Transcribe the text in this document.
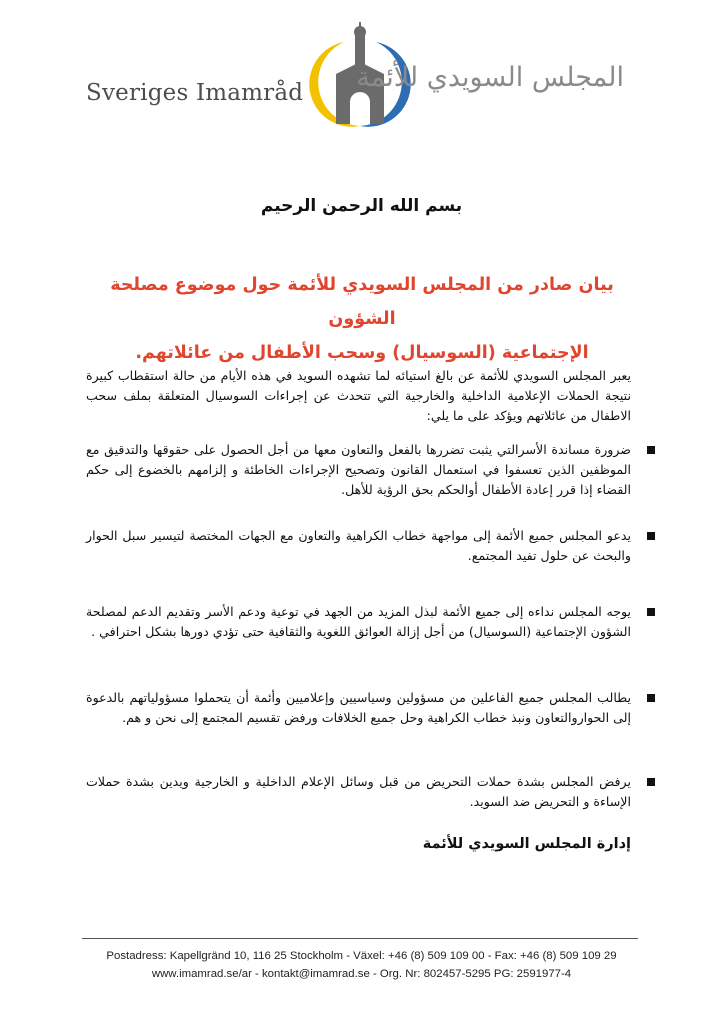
Sveriges Imamråd المجلس السويدي للأئمة
بسم الله الرحمن الرحيم
بيان صادر من المجلس السويدي للأئمة حول موضوع مصلحة الشؤون
الإجتماعية (السوسيال) وسحب الأطفال من عائلاتهم.
يعبر المجلس السويدي للأئمة عن بالغ استيائه لما تشهده السويد في هذه الأيام من حالة استقطاب كبيرة نتيجة الحملات الإعلامية الداخلية والخارجية التي تتحدث عن إجراءات السوسيال المتعلقة بملف سحب الاطفال من عائلاتهم ويؤكد على ما يلي:
ضرورة مساندة الأسرالتي يثبت تضررها بالفعل والتعاون معها من أجل الحصول على حقوقها والتدقيق مع الموظفين الذين تعسفوا في استعمال القانون وتصحيح الإجراءات الخاطئة و إلزامهم بالخضوع إلى حكم القضاء إذا قرر إعادة الأطفال أوالحكم بحق الرؤية للأهل.
يدعو المجلس جميع الأئمة إلى مواجهة خطاب الكراهية والتعاون مع الجهات المختصة لتيسير سبل الحوار والبحث عن حلول تفيد المجتمع.
يوجه المجلس نداءه إلى جميع الأئمة لبذل المزيد من الجهد في توعية ودعم الأسر وتقديم الدعم لمصلحة الشؤون الإجتماعية (السوسيال) من أجل إزالة العوائق اللغوية والثقافية حتى تؤدي دورها بشكل احترافي .
يطالب المجلس جميع الفاعلين من مسؤولين وسياسيين وإعلاميين وأئمة أن يتحملوا مسؤولياتهم بالدعوة إلى الحواروالتعاون ونبذ خطاب الكراهية وحل جميع الخلافات ورفض تقسيم المجتمع إلى نحن و هم.
يرفض المجلس بشدة حملات التحريض من قبل وسائل الإعلام الداخلية و الخارجية ويدين بشدة حملات الإساءة و التحريض ضد السويد.
إدارة المجلس السويدي للأئمة
Postadress: Kapellgränd 10, 116 25 Stockholm - Växel: +46 (8) 509 109 00 - Fax: +46 (8) 509 109 29
www.imamrad.se/ar - kontakt@imamrad.se - Org. Nr: 802457-5295 PG: 2591977-4
